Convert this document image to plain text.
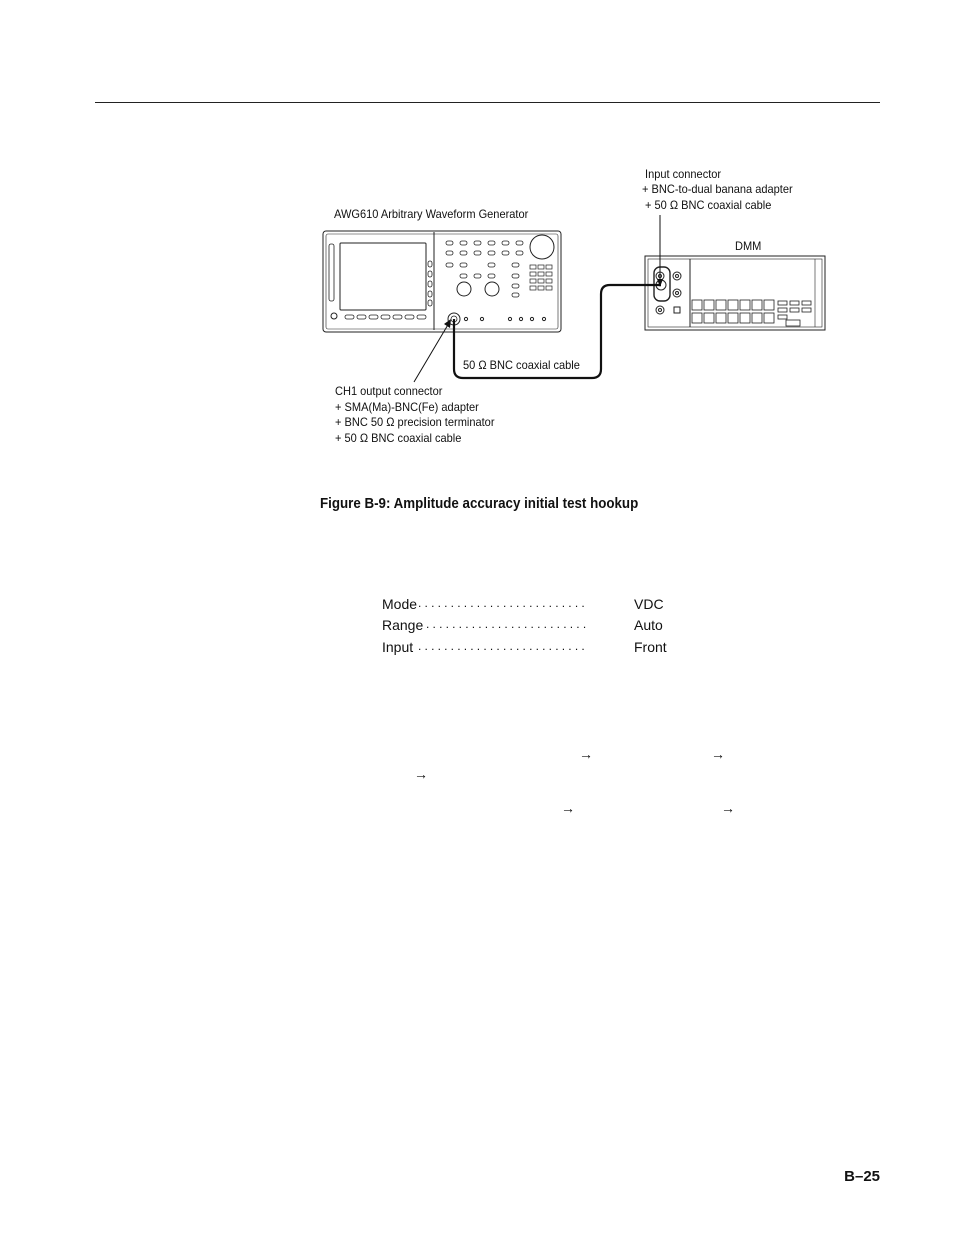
AWG610 Arbitrary Waveform Generator
DMM
Input connector
+ BNC-to-dual banana adapter
+ 50 Ω BNC coaxial cable
50 Ω BNC coaxial cable
CH1 output connector
+ SMA(Ma)-BNC(Fe) adapter
+ BNC 50 Ω precision terminator
+ 50 Ω BNC coaxial cable
Figure B-9: Amplitude accuracy initial test hookup
Mode ..........................	VDC
Range .........................	Auto
Input ..........................	Front
→	→
→
→	→
B–25
